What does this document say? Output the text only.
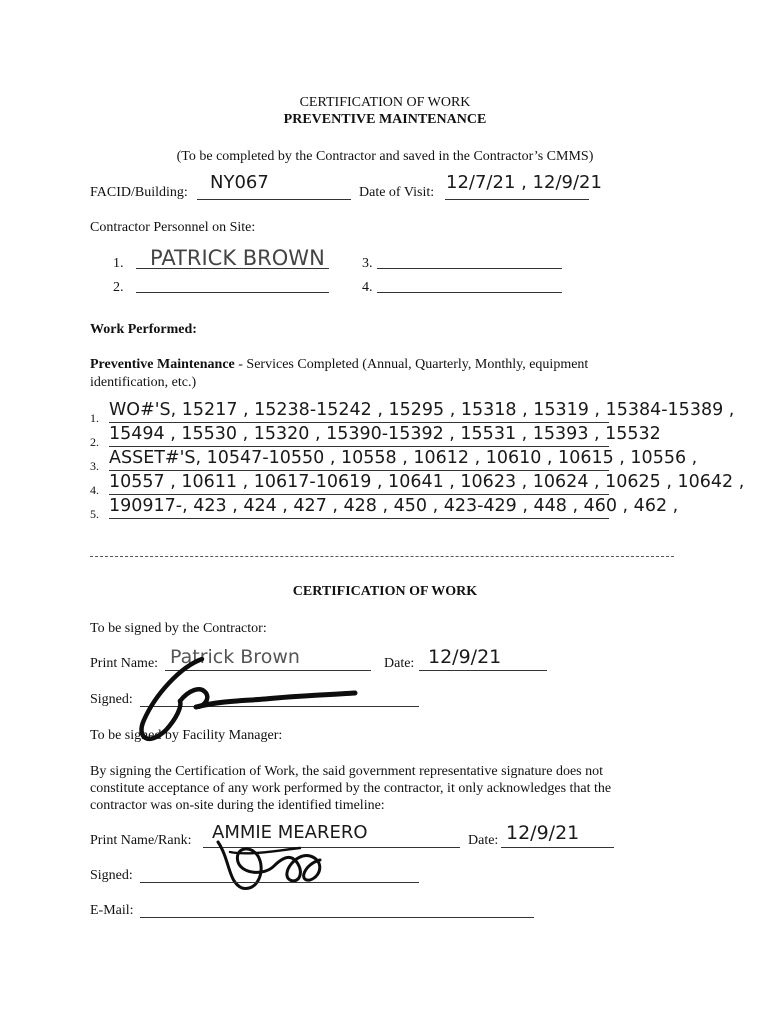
CERTIFICATION OF WORK
PREVENTIVE MAINTENANCE
(To be completed by the Contractor and saved in the Contractor’s CMMS)
FACID/Building: NY067	Date of Visit: 12/7/21 , 12/9/21
Contractor Personnel on Site:
1. PATRICK BROWN
2.
3.
4.
Work Performed:
Preventive Maintenance - Services Completed (Annual, Quarterly, Monthly, equipment
identification, etc.)
1. WO#'S, 15217 , 15238-15242 , 15295 , 15318 , 15319 , 15384-15389 ,
2. 15494 , 15530 , 15320 , 15390-15392 , 15531 , 15393 , 15532
3. ASSET#'S, 10547-10550 , 10558 , 10612 , 10610 , 10615 , 10556 ,
4. 10557 , 10611 , 10617-10619 , 10641 , 10623 , 10624 , 10625 , 10642 ,
5. 190917-, 423 , 424 , 427 , 428 , 450 , 423-429 , 448 , 460 , 462 ,
CERTIFICATION OF WORK
To be signed by the Contractor:
Print Name: Patrick Brown	Date: 12/9/21
Signed:
To be signed by Facility Manager:
By signing the Certification of Work, the said government representative signature does not
constitute acceptance of any work performed by the contractor, it only acknowledges that the
contractor was on-site during the identified timeline:
Print Name/Rank: AMMIE MEARERO	Date: 12/9/21
Signed:
E-Mail:
